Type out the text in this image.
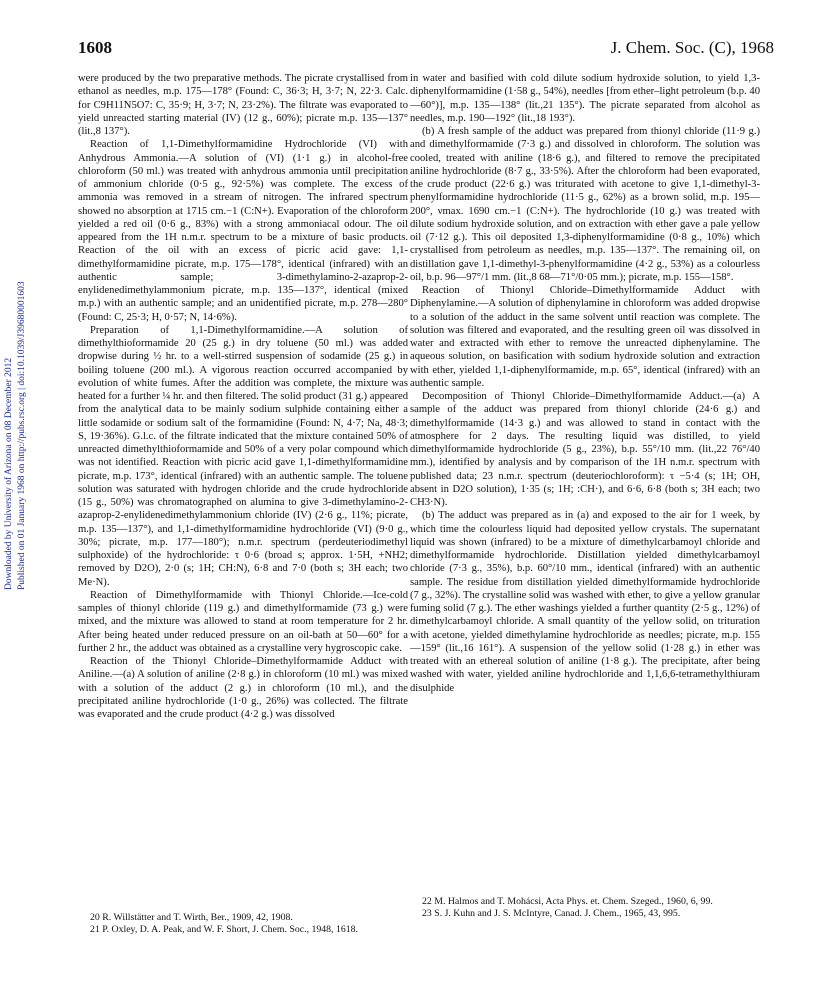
Downloaded by University of Arizona on 08 December 2012 Published on 01 January 1968 on http://pubs.rsc.org | doi:10.1039/J39680001603
1608	J. Chem. Soc. (C), 1968

were produced by the two preparative methods. The picrate crystallised from ethanol as needles, m.p. 175—178° (Found: C, 36·3; H, 3·7; N, 22·3. Calc. for C9H11N5O7: C, 35·9; H, 3·7; N, 23·2%). The filtrate was evaporated to yield unreacted starting material (IV) (12 g., 60%); picrate m.p. 135—137° (lit.,8 137°).

Reaction of 1,1-Dimethylformamidine Hydrochloride (VI) with Anhydrous Ammonia.—A solution of (VI) (1·1 g.) in alcohol-free chloroform (50 ml.) was treated with anhydrous ammonia until precipitation of ammonium chloride (0·5 g., 92·5%) was complete. The excess of ammonia was removed in a stream of nitrogen. The infrared spectrum showed no absorption at 1715 cm.−1 (C:N+). Evaporation of the chloroform yielded a red oil (0·6 g., 83%) with a strong ammoniacal odour. The oil appeared from the 1H n.m.r. spectrum to be a mixture of basic products. Reaction of the oil with an excess of picric acid gave: 1,1-dimethylformamidine picrate, m.p. 175—178°, identical (infrared) with an authentic sample; 3-dimethylamino-2-azaprop-2-enylidenedimethylammonium picrate, m.p. 135—137°, identical (mixed m.p.) with an authentic sample; and an unidentified picrate, m.p. 278—280° (Found: C, 25·3; H, 0·57; N, 14·6%).

Preparation of 1,1-Dimethylformamidine.—A solution of dimethylthioformamide 20 (25 g.) in dry toluene (50 ml.) was added dropwise during ½ hr. to a well-stirred suspension of sodamide (25 g.) in boiling toluene (200 ml.). A vigorous reaction occurred accompanied by evolution of white fumes. After the addition was complete, the mixture was heated for a further ¼ hr. and then filtered. The solid product (31 g.) appeared from the analytical data to be mainly sodium sulphide containing either a little sodamide or sodium salt of the formamidine (Found: N, 4·7; Na, 48·3; S, 19·36%). G.l.c. of the filtrate indicated that the mixture contained 50% of unreacted dimethylthioformamide and 50% of a very polar compound which was not identified. Reaction with picric acid gave 1,1-dimethylformamidine picrate, m.p. 173°, identical (infrared) with an authentic sample. The toluene solution was saturated with hydrogen chloride and the crude hydrochloride (15 g., 50%) was chromatographed on alumina to give 3-dimethylamino-2-azaprop-2-enylidenedimethylammonium chloride (IV) (2·6 g., 11%; picrate, m.p. 135—137°), and 1,1-dimethylformamidine hydrochloride (VI) (9·0 g., 30%; picrate, m.p. 177—180°); n.m.r. spectrum (perdeuteriodimethyl sulphoxide) of the hydrochloride: τ 0·6 (broad s; approx. 1·5H, +NH2; removed by D2O), 2·0 (s; 1H; CH:N), 6·8 and 7·0 (both s; 3H each; two Me·N).

Reaction of Dimethylformamide with Thionyl Chloride.—Ice-cold samples of thionyl chloride (119 g.) and dimethylformamide (73 g.) were mixed, and the mixture was allowed to stand at room temperature for 2 hr. After being heated under reduced pressure on an oil-bath at 50—60° for a further 2 hr., the adduct was obtained as a crystalline very hygroscopic cake.

Reaction of the Thionyl Chloride–Dimethylformamide Adduct with Aniline.—(a) A solution of aniline (2·8 g.) in chloroform (10 ml.) was mixed with a solution of the adduct (2 g.) in chloroform (10 ml.), and the precipitated aniline hydrochloride (1·0 g., 26%) was collected. The filtrate was evaporated and the crude product (4·2 g.) was dissolved

in water and basified with cold dilute sodium hydroxide solution, to yield 1,3-diphenylformamidine (1·58 g., 54%), needles [from ether–light petroleum (b.p. 40—60°)], m.p. 135—138° (lit.,21 135°). The picrate separated from alcohol as needles, m.p. 190—192° (lit.,18 193°).

(b) A fresh sample of the adduct was prepared from thionyl chloride (11·9 g.) and dimethylformamide (7·3 g.) and dissolved in chloroform. The solution was cooled, treated with aniline (18·6 g.), and filtered to remove the precipitated aniline hydrochloride (8·7 g., 33·5%). After the chloroform had been evaporated, the crude product (22·6 g.) was triturated with acetone to give 1,1-dimethyl-3-phenylformamidine hydrochloride (11·5 g., 62%) as a brown solid, m.p. 195—200°, νmax. 1690 cm.−1 (C:N+). The hydrochloride (10 g.) was treated with dilute sodium hydroxide solution, and on extraction with ether gave a pale yellow oil (7·12 g.). This oil deposited 1,3-diphenylformamidine (0·8 g., 10%) which crystallised from petroleum as needles, m.p. 135—137°. The remaining oil, on distillation gave 1,1-dimethyl-3-phenylformamidine (4·2 g., 53%) as a colourless oil, b.p. 96—97°/1 mm. (lit.,8 68—71°/0·05 mm.); picrate, m.p. 155—158°.

Reaction of Thionyl Chloride–Dimethylformamide Adduct with Diphenylamine.—A solution of diphenylamine in chloroform was added dropwise to a solution of the adduct in the same solvent until reaction was complete. The solution was filtered and evaporated, and the resulting green oil was dissolved in water and extracted with ether to remove the unreacted diphenylamine. The aqueous solution, on basification with sodium hydroxide solution and extraction with ether, yielded 1,1-diphenylformamide, m.p. 65°, identical (infrared) with an authentic sample.

Decomposition of Thionyl Chloride–Dimethylformamide Adduct.—(a) A sample of the adduct was prepared from thionyl chloride (24·6 g.) and dimethylformamide (14·3 g.) and was allowed to stand in contact with the atmosphere for 2 days. The resulting liquid was distilled, to yield dimethylformamide hydrochloride (5 g., 23%), b.p. 55°/10 mm. (lit.,22 76°/40 mm.), identified by analysis and by comparison of the 1H n.m.r. spectrum with published data; 23 n.m.r. spectrum (deuteriochloroform): τ −5·4 (s; 1H; OH, absent in D2O solution), 1·35 (s; 1H; :CH·), and 6·6, 6·8 (both s; 3H each; two CH3·N).

(b) The adduct was prepared as in (a) and exposed to the air for 1 week, by which time the colourless liquid had deposited yellow crystals. The supernatant liquid was shown (infrared) to be a mixture of dimethylcarbamoyl chloride and dimethylformamide hydrochloride. Distillation yielded dimethylcarbamoyl chloride (7·3 g., 35%), b.p. 60°/10 mm., identical (infrared) with an authentic sample. The residue from distillation yielded dimethylformamide hydrochloride (7 g., 32%). The crystalline solid was washed with ether, to give a yellow granular fuming solid (7 g.). The ether washings yielded a further quantity (2·5 g., 12%) of dimethylcarbamoyl chloride. A small quantity of the yellow solid, on trituration with acetone, yielded dimethylamine hydrochloride as needles; picrate, m.p. 155—159° (lit.,16 161°). A suspension of the yellow solid (1·28 g.) in ether was treated with an ethereal solution of aniline (1·8 g.). The precipitate, after being washed with water, yielded aniline hydrochloride and 1,1,6,6-tetramethylthiuram disulphide

20 R. Willstätter and T. Wirth, Ber., 1909, 42, 1908.
21 P. Oxley, D. A. Peak, and W. F. Short, J. Chem. Soc., 1948, 1618.
22 M. Halmos and T. Mohácsi, Acta Phys. et. Chem. Szeged., 1960, 6, 99.
23 S. J. Kuhn and J. S. McIntyre, Canad. J. Chem., 1965, 43, 995.
